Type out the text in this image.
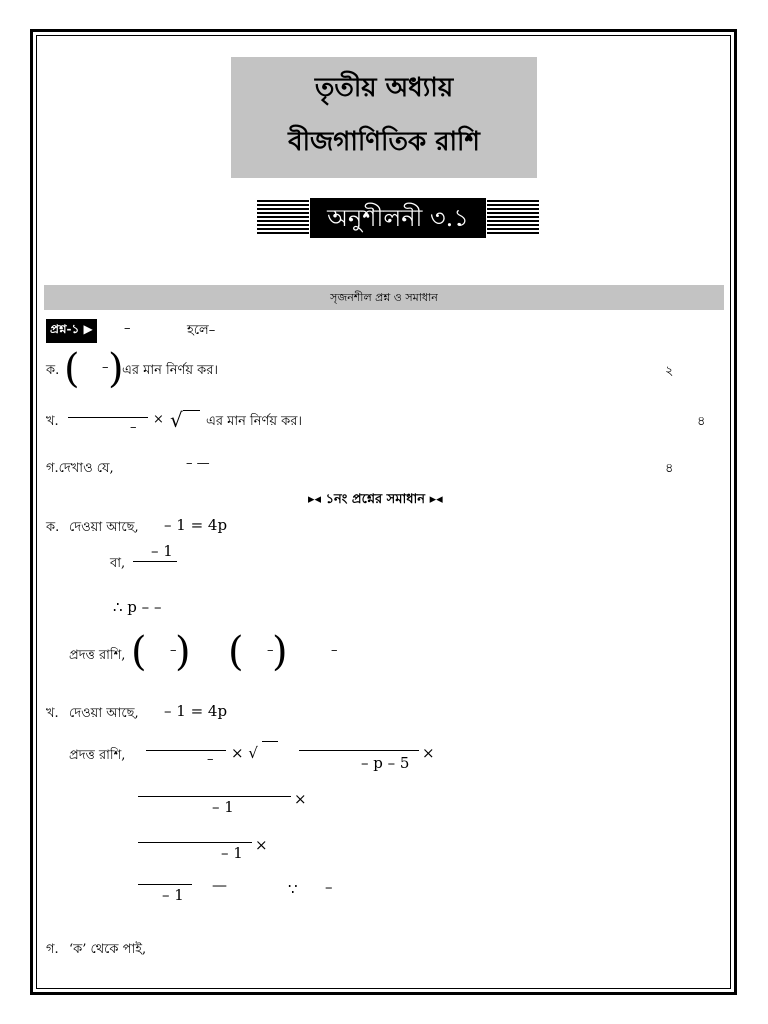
তৃতীয় অধ্যায়
বীজগাণিতিক রাশি
অনুশীলনী ৩.১
সৃজনশীল প্রশ্ন ও সমাধান
প্রশ্ন-১ ▶	–	হলে–
ক. ( – )
এর মান নির্ণয় কর।	২
খ.	–
× √ এর মান নির্ণয় কর।	৪
গ.দেখাও যে,	– —	৪
▸◂ ১নং প্রশ্নের সমাধান ▸◂
ক. দেওয়া আছে, – 1 = 4p
– 1
বা,
∴ p – –
প্রদত্ত রাশি, ( –
) ( –
)	–
খ. দেওয়া আছে, – 1 = 4p
প্রদত্ত রাশি,	– × √
– p – 5
×
– 1	×
– 1 ×
– 1
—	∵ –
গ. ‘ক’ থেকে পাই,
